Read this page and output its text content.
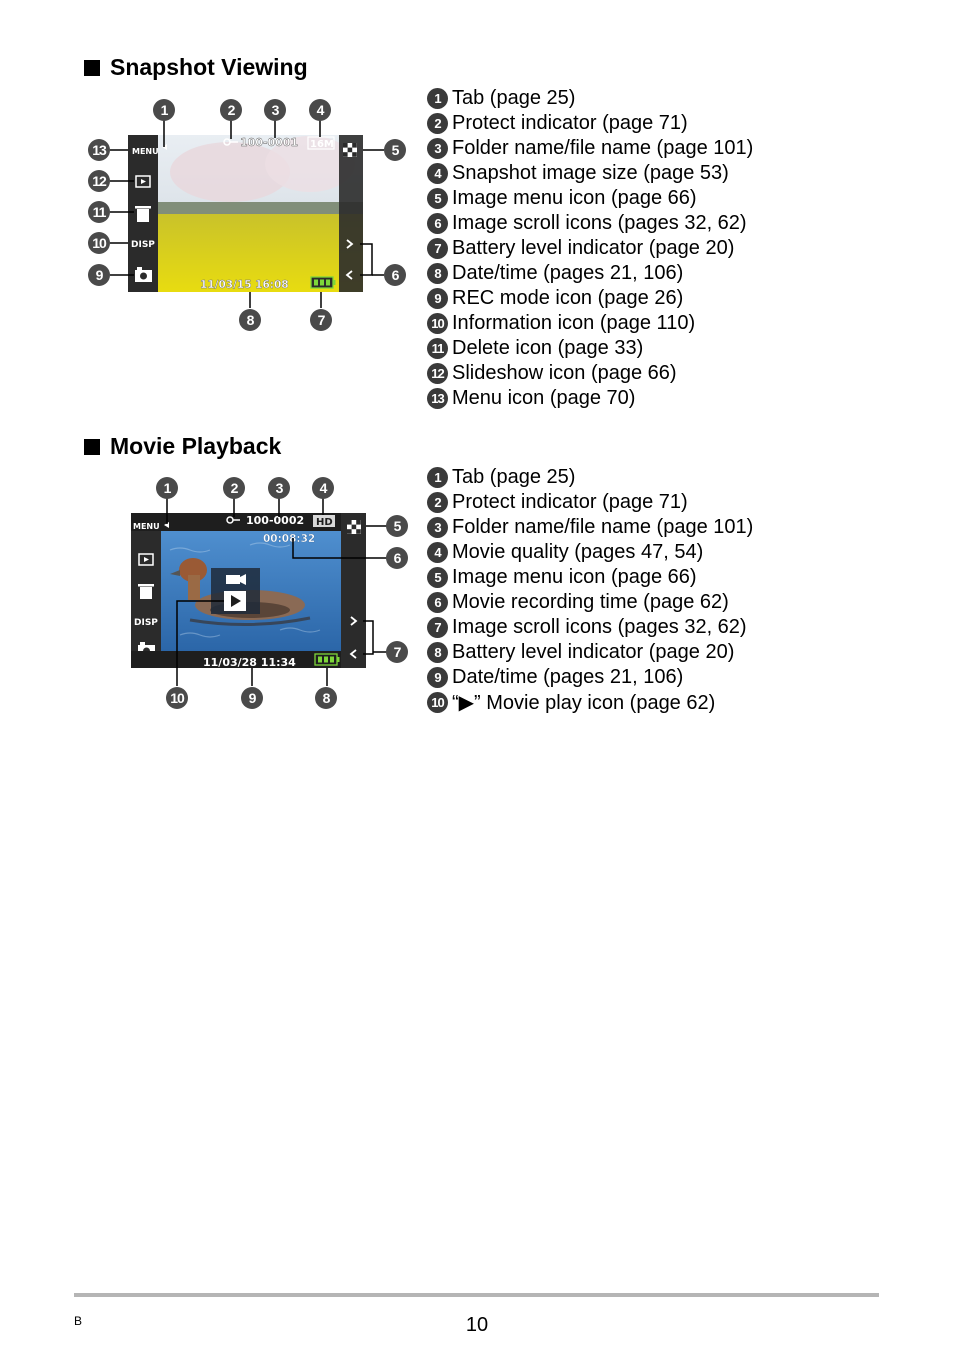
Snapshot Viewing
MENU
DISP
100-0001 16M
11/03/15 16:08
1	2	3	4
5
6
7
8
9
10
11
12
13
1 Tab (page 25)
2 Protect indicator (page 71)
3 Folder name/file name (page 101)
4 Snapshot image size (page 53)
5 Image menu icon (page 66)
6 Image scroll icons (pages 32, 62)
7 Battery level indicator (page 20)
8 Date/time (pages 21, 106)
9 REC mode icon (page 26)
10 Information icon (page 110)
11 Delete icon (page 33)
12 Slideshow icon (page 66)
13 Menu icon (page 70)
Movie Playback
MENU
DISP
11/03/28 11:34
100-0002 HD
00:08:32
1	2	3	4
5
6
7
8
9
10
1 Tab (page 25)
2 Protect indicator (page 71)
3 Folder name/file name (page 101)
4 Movie quality (pages 47, 54)
5 Image menu icon (page 66)
6 Movie recording time (page 62)
7 Image scroll icons (pages 32, 62)
8 Battery level indicator (page 20)
9 Date/time (pages 21, 106)
10 “▶” Movie play icon (page 62)
B	10
